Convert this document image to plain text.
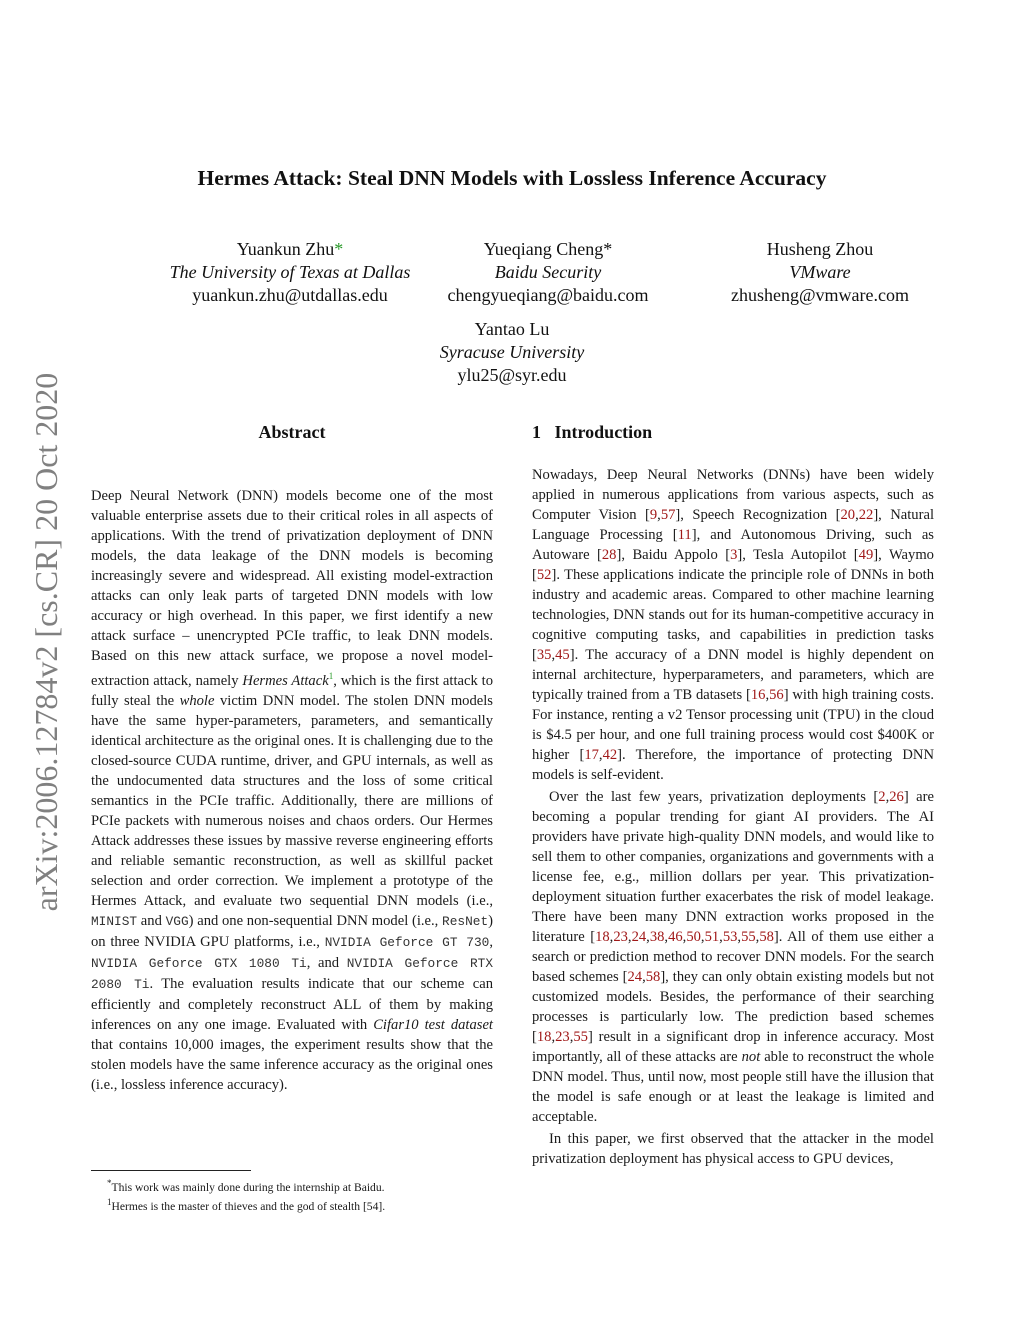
arXiv:2006.12784v2 [cs.CR] 20 Oct 2020
Hermes Attack: Steal DNN Models with Lossless Inference Accuracy
Yuankun Zhu*
The University of Texas at Dallas
yuankun.zhu@utdallas.edu
Yueqiang Cheng*
Baidu Security
chengyueqiang@baidu.com
Husheng Zhou
VMware
zhusheng@vmware.com
Yantao Lu
Syracuse University
ylu25@syr.edu
Abstract	1 Introduction

Deep Neural Network (DNN) models become one of the most valuable enterprise assets due to their critical roles in all aspects of applications. With the trend of privatization deployment of DNN models, the data leakage of the DNN models is becoming increasingly severe and widespread. All existing model-extraction attacks can only leak parts of targeted DNN models with low accuracy or high overhead. In this paper, we first identify a new attack surface – unencrypted PCIe traffic, to leak DNN models. Based on this new attack surface, we propose a novel model-extraction attack, namely Hermes Attack$^1$, which is the first attack to fully steal the whole victim DNN model. The stolen DNN models have the same hyper-parameters, parameters, and semantically identical architecture as the original ones. It is challenging due to the closed-source CUDA runtime, driver, and GPU internals, as well as the undocumented data structures and the loss of some critical semantics in the PCIe traffic. Additionally, there are millions of PCIe packets with numerous noises and chaos orders. Our Hermes Attack addresses these issues by massive reverse engineering efforts and reliable semantic reconstruction, as well as skillful packet selection and order correction. We implement a prototype of the Hermes Attack, and evaluate two sequential DNN models (i.e., MINIST and VGG) and one non-sequential DNN model (i.e., ResNet) on three NVIDIA GPU platforms, i.e., NVIDIA Geforce GT 730, NVIDIA Geforce GTX 1080 Ti, and NVIDIA Geforce RTX 2080 Ti. The evaluation results indicate that our scheme can efficiently and completely reconstruct ALL of them by making inferences on any one image. Evaluated with Cifar10 test dataset that contains 10,000 images, the experiment results show that the stolen models have the same inference accuracy as the original ones (i.e., lossless inference accuracy).

Nowadays, Deep Neural Networks (DNNs) have been widely applied in numerous applications from various aspects, such as Computer Vision [9,57], Speech Recognization [20,22], Natural Language Processing [11], and Autonomous Driving, such as Autoware [28], Baidu Appolo [3], Tesla Autopilot [49], Waymo [52]. These applications indicate the principle role of DNNs in both industry and academic areas. Compared to other machine learning technologies, DNN stands out for its human-competitive accuracy in cognitive computing tasks, and capabilities in prediction tasks [35,45]. The accuracy of a DNN model is highly dependent on internal architecture, hyperparameters, and parameters, which are typically trained from a TB datasets [16,56] with high training costs. For instance, renting a v2 Tensor processing unit (TPU) in the cloud is $4.5 per hour, and one full training process would cost $400K or higher [17,42]. Therefore, the importance of protecting DNN models is self-evident.

Over the last few years, privatization deployments [2,26] are becoming a popular trending for giant AI providers. The AI providers have private high-quality DNN models, and would like to sell them to other companies, organizations and governments with a license fee, e.g., million dollars per year. This privatization-deployment situation further exacerbates the risk of model leakage. There have been many DNN extraction works proposed in the literature [18,23,24,38,46,50,51,53,55,58]. All of them use either a search or prediction method to recover DNN models. For the search based schemes [24,58], they can only obtain existing models but not customized models. Besides, the performance of their searching processes is particularly low. The prediction based schemes [18,23,55] result in a significant drop in inference accuracy. Most importantly, all of these attacks are not able to reconstruct the whole DNN model. Thus, until now, most people still have the illusion that the model is safe enough or at least the leakage is limited and acceptable.

In this paper, we first observed that the attacker in the model privatization deployment has physical access to GPU devices,

*This work was mainly done during the internship at Baidu.
$^1$Hermes is the master of thieves and the god of stealth [54].
